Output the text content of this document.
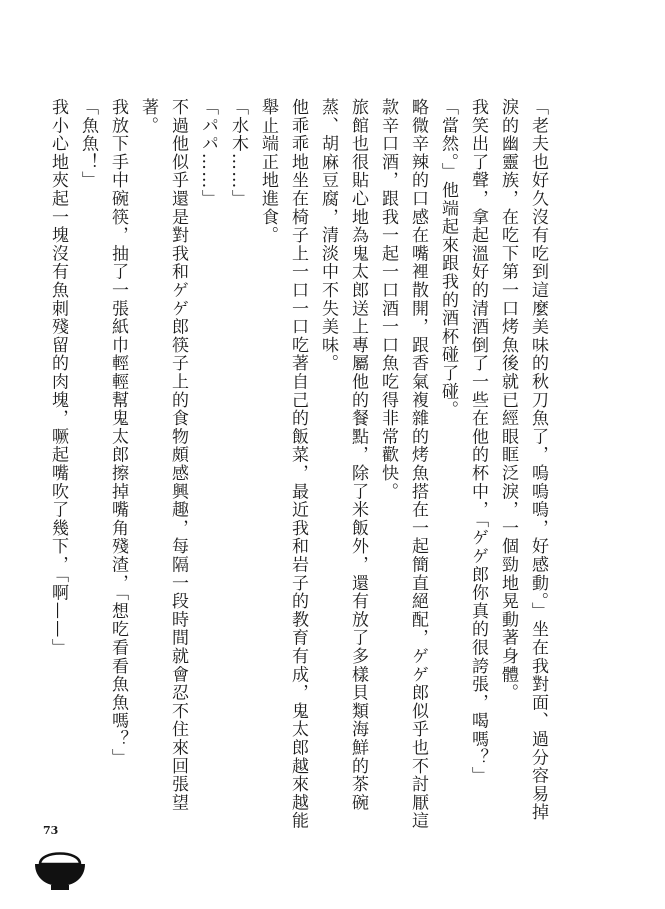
「老夫也好久沒有吃到這麼美味的秋刀魚了，嗚嗚嗚，好感動。」坐在我對面、過分容易掉淚的幽靈族，在吃下第一口烤魚後就已經眼眶泛淚，一個勁地晃動著身體。

我笑出了聲，拿起溫好的清酒倒了一些在他的杯中，「ゲゲ郎你真的很誇張，喝嗎？」

「當然。」他端起來跟我的酒杯碰了碰。

略微辛辣的口感在嘴裡散開，跟香氣複雜的烤魚搭在一起簡直絕配，ゲゲ郎似乎也不討厭這款辛口酒，跟我一起一口酒一口魚吃得非常歡快。

旅館也很貼心地為鬼太郎送上專屬他的餐點，除了米飯外，還有放了多樣貝類海鮮的茶碗蒸、胡麻豆腐，清淡中不失美味。

他乖乖地坐在椅子上一口一口吃著自己的飯菜，最近我和岩子的教育有成，鬼太郎越來越能舉止端正地進食。

「水木……」

「パパ……」

不過他似乎還是對我和ゲゲ郎筷子上的食物頗感興趣，每隔一段時間就會忍不住來回張望著。

我放下手中碗筷，抽了一張紙巾輕輕幫鬼太郎擦掉嘴角殘渣，「想吃看看魚魚嗎？」

「魚魚！」

我小心地夾起一塊沒有魚刺殘留的肉塊，噘起嘴吹了幾下，「啊——」

73
